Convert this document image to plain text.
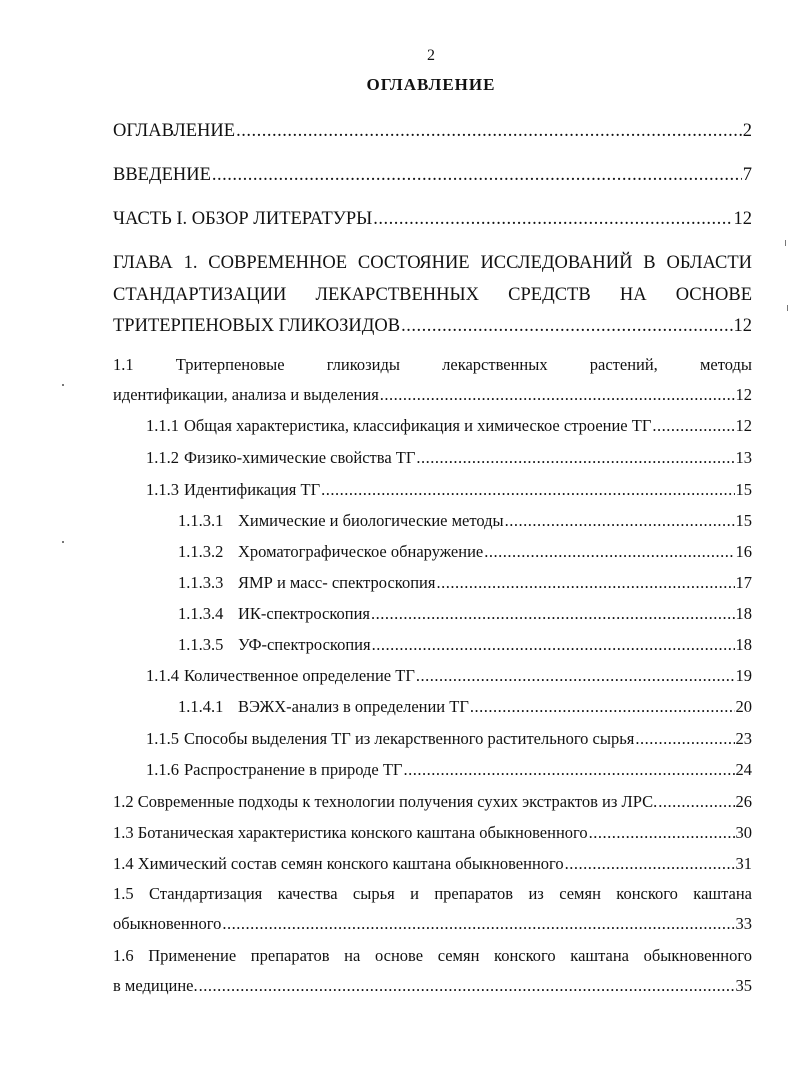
2
ОГЛАВЛЕНИЕ
ОГЛАВЛЕНИЕ .....	2
ВВЕДЕНИЕ .....	7
ЧАСТЬ I. ОБЗОР ЛИТЕРАТУРЫ .....	12
ГЛАВА 1. СОВРЕМЕННОЕ СОСТОЯНИЕ ИССЛЕДОВАНИЙ В ОБЛАСТИ
СТАНДАРТИЗАЦИИ ЛЕКАРСТВЕННЫХ СРЕДСТВ НА ОСНОВЕ
ТРИТЕРПЕНОВЫХ ГЛИКОЗИДОВ .....	12
1.1 Тритерпеновые гликозиды лекарственных растений, методы
идентификации, анализа и выделения .....	12
1.1.1 Общая характеристика, классификация и химическое строение ТГ .....	12
1.1.2 Физико-химические свойства ТГ .....	13
1.1.3 Идентификация ТГ .....	15
1.1.3.1 Химические и биологические методы .....	15
1.1.3.2 Хроматографическое обнаружение .....	16
1.1.3.3 ЯМР и масс- спектроскопия .....	17
1.1.3.4 ИК-спектроскопия .....	18
1.1.3.5 УФ-спектроскопия .....	18
1.1.4 Количественное определение ТГ .....	19
1.1.4.1 ВЭЖХ-анализ в определении ТГ .....	20
1.1.5 Способы выделения ТГ из лекарственного растительного сырья .....	23
1.1.6 Распространение в природе ТГ .....	24
1.2 Современные подходы к технологии получения сухих экстрактов из ЛРС. .....	26
1.3 Ботаническая характеристика конского каштана обыкновенного .....	30
1.4 Химический состав семян конского каштана обыкновенного .....	31
1.5 Стандартизация качества сырья и препаратов из семян конского каштана
обыкновенного .....	33
1.6 Применение препаратов на основе семян конского каштана обыкновенного
в медицине. .....	35
